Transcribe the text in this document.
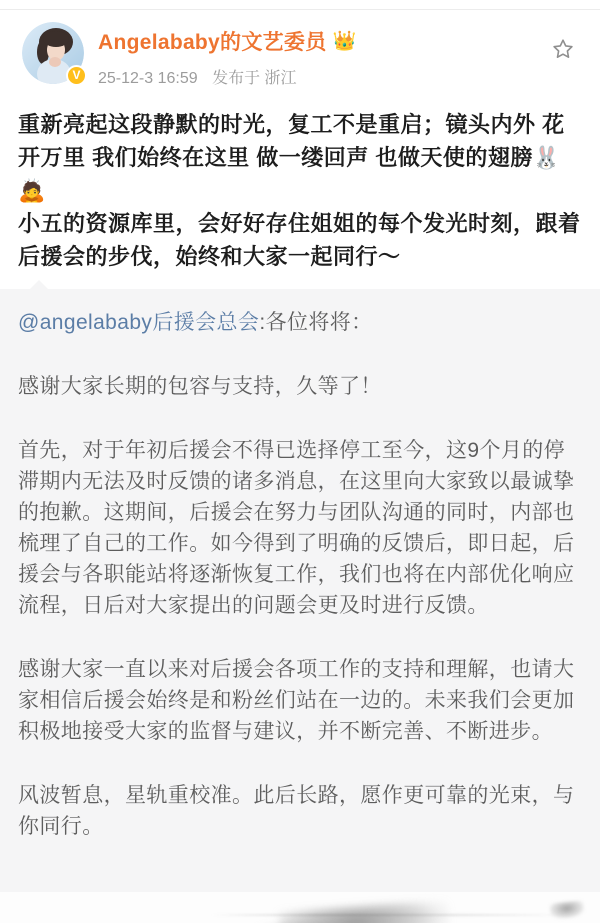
V
Angelababy的文艺委员 👑
25-12-3 16:59 发布于 浙江

重新亮起这段静默的时光，复工不是重启；镜头内外 花开万里 我们始终在这里 做一缕回声 也做天使的翅膀🐰🙇

小五的资源库里，会好好存住姐姐的每个发光时刻，跟着后援会的步伐，始终和大家一起同行～

@angelababy后援会总会:各位将将：

感谢大家长期的包容与支持，久等了！

首先，对于年初后援会不得已选择停工至今，这9个月的停滞期内无法及时反馈的诸多消息，在这里向大家致以最诚挚的抱歉。这期间，后援会在努力与团队沟通的同时，内部也梳理了自己的工作。如今得到了明确的反馈后，即日起，后援会与各职能站将逐渐恢复工作，我们也将在内部优化响应流程，日后对大家提出的问题会更及时进行反馈。

感谢大家一直以来对后援会各项工作的支持和理解，也请大家相信后援会始终是和粉丝们站在一边的。未来我们会更加积极地接受大家的监督与建议，并不断完善、不断进步。

风波暂息，星轨重校准。此后长路，愿作更可靠的光束，与你同行。
